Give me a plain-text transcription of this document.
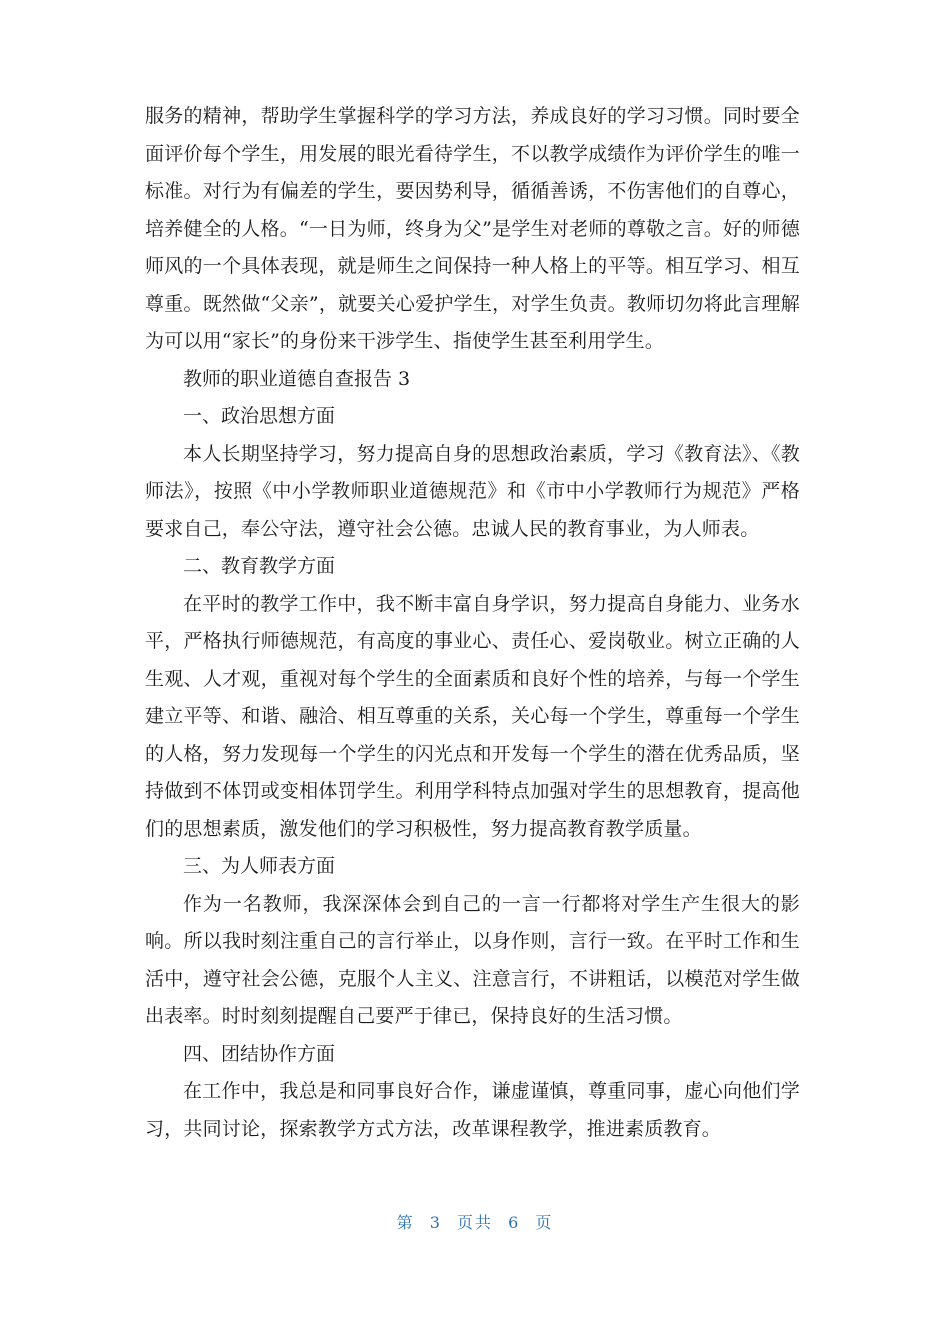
服务的精神，帮助学生掌握科学的学习方法，养成良好的学习习惯。同时要全面评价每个学生，用发展的眼光看待学生，不以教学成绩作为评价学生的唯一标准。对行为有偏差的学生，要因势利导，循循善诱，不伤害他们的自尊心，培养健全的人格。“一日为师，终身为父”是学生对老师的尊敬之言。好的师德师风的一个具体表现，就是师生之间保持一种人格上的平等。相互学习、相互尊重。既然做“父亲”，就要关心爱护学生，对学生负责。教师切勿将此言理解为可以用“家长”的身份来干涉学生、指使学生甚至利用学生。

教师的职业道德自查报告 3

一、政治思想方面

本人长期坚持学习，努力提高自身的思想政治素质，学习《教育法》、《教师法》，按照《中小学教师职业道德规范》和《市中小学教师行为规范》严格要求自己，奉公守法，遵守社会公德。忠诚人民的教育事业，为人师表。

二、教育教学方面

在平时的教学工作中，我不断丰富自身学识，努力提高自身能力、业务水平，严格执行师德规范，有高度的事业心、责任心、爱岗敬业。树立正确的人生观、人才观，重视对每个学生的全面素质和良好个性的培养，与每一个学生建立平等、和谐、融洽、相互尊重的关系，关心每一个学生，尊重每一个学生的人格，努力发现每一个学生的闪光点和开发每一个学生的潜在优秀品质，坚持做到不体罚或变相体罚学生。利用学科特点加强对学生的思想教育，提高他们的思想素质，激发他们的学习积极性，努力提高教育教学质量。

三、为人师表方面

作为一名教师，我深深体会到自己的一言一行都将对学生产生很大的影响。所以我时刻注重自己的言行举止，以身作则，言行一致。在平时工作和生活中，遵守社会公德，克服个人主义、注意言行，不讲粗话，以模范对学生做出表率。时时刻刻提醒自己要严于律已，保持良好的生活习惯。

四、团结协作方面

在工作中，我总是和同事良好合作，谦虚谨慎，尊重同事，虚心向他们学习，共同讨论，探索教学方式方法，改革课程教学，推进素质教育。

第 3 页共 6 页
